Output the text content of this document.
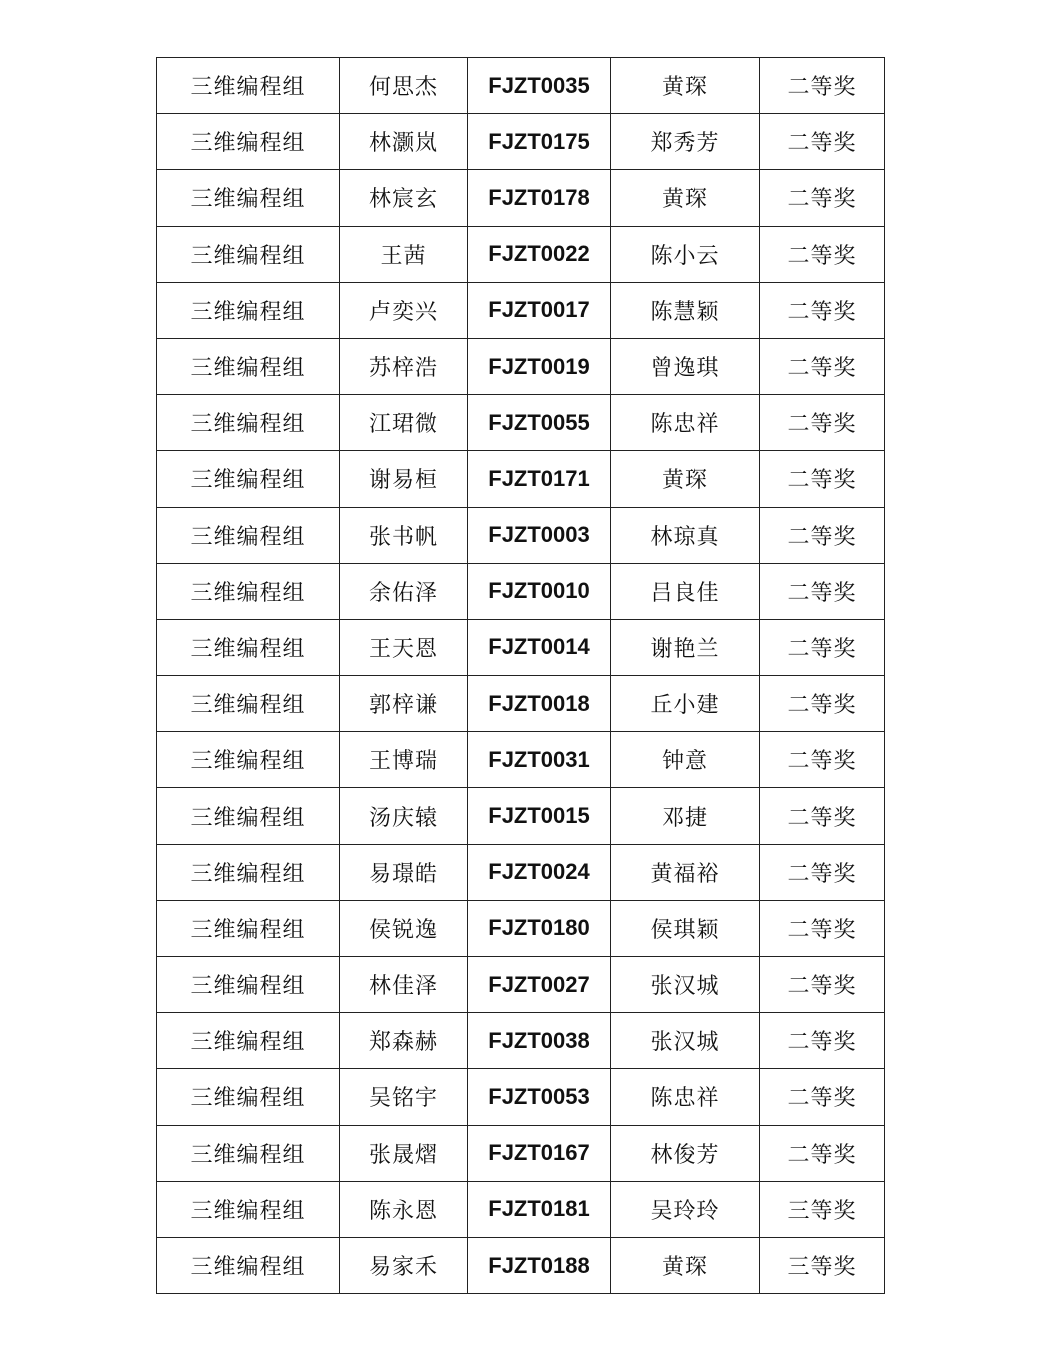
三维编程组	何思杰	FJZT0035	黄琛	二等奖
三维编程组	林灏岚	FJZT0175	郑秀芳	二等奖
三维编程组	林宸玄	FJZT0178	黄琛	二等奖
三维编程组	王茜	FJZT0022	陈小云	二等奖
三维编程组	卢奕兴	FJZT0017	陈慧颖	二等奖
三维编程组	苏梓浩	FJZT0019	曾逸琪	二等奖
三维编程组	江珺微	FJZT0055	陈忠祥	二等奖
三维编程组	谢易桓	FJZT0171	黄琛	二等奖
三维编程组	张书帆	FJZT0003	林琼真	二等奖
三维编程组	余佑泽	FJZT0010	吕良佳	二等奖
三维编程组	王天恩	FJZT0014	谢艳兰	二等奖
三维编程组	郭梓谦	FJZT0018	丘小建	二等奖
三维编程组	王博瑞	FJZT0031	钟意	二等奖
三维编程组	汤庆辕	FJZT0015	邓捷	二等奖
三维编程组	易璟皓	FJZT0024	黄福裕	二等奖
三维编程组	侯锐逸	FJZT0180	侯琪颖	二等奖
三维编程组	林佳泽	FJZT0027	张汉城	二等奖
三维编程组	郑森赫	FJZT0038	张汉城	二等奖
三维编程组	吴铭宇	FJZT0053	陈忠祥	二等奖
三维编程组	张晟熠	FJZT0167	林俊芳	二等奖
三维编程组	陈永恩	FJZT0181	吴玲玲	三等奖
三维编程组	易家禾	FJZT0188	黄琛	三等奖
